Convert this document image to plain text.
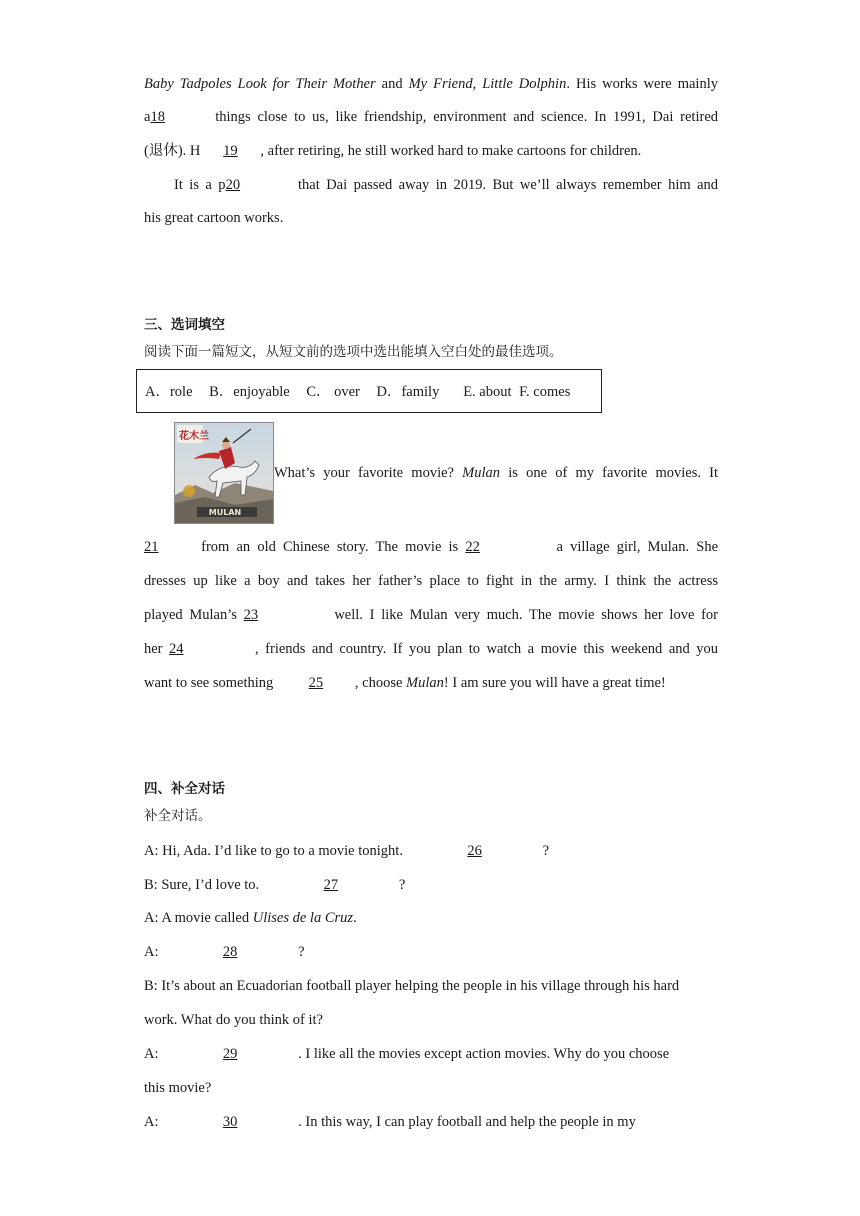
Baby Tadpoles Look for Their Mother and My Friend, Little Dolphin. His works were mainly
a18	things close to us, like friendship, environment and science. In 1991, Dai retired
(退休). H 19 , after retiring, he still worked hard to make cartoons for children.
It is a p20	that Dai passed away in 2019. But we’ll always remember him and
his great cartoon works.
三、选词填空
阅读下面一篇短文，从短文前的选项中选出能填入空白处的最佳选项。
What’s your favorite movie? Mulan is one of my favorite movies. It
21 from an old Chinese story. The movie is 22	a village girl, Mulan. She
dresses up like a boy and takes her father’s place to fight in the army. I think the actress
played Mulan’s 23	well. I like Mulan very much. The movie shows her love for
her 24	, friends and country. If you plan to watch a movie this weekend and you
want to see something 25 , choose Mulan! I am sure you will have a great time!
四、补全对话
补全对话。
A: Hi, Ada. I’d like to go to a movie tonight.	26	?
B: Sure, I’d love to.	27	?
A: A movie called Ulises de la Cruz.
A:	28	?
B: It’s about an Ecuadorian football player helping the people in his village through his hard
work. What do you think of it?
A:	29	. I like all the movies except action movies. Why do you choose
this movie?
A:	30	. In this way, I can play football and help the people in my
A．role B．enjoyable C． over D．family   E. about F. comes
花木兰
MULAN
